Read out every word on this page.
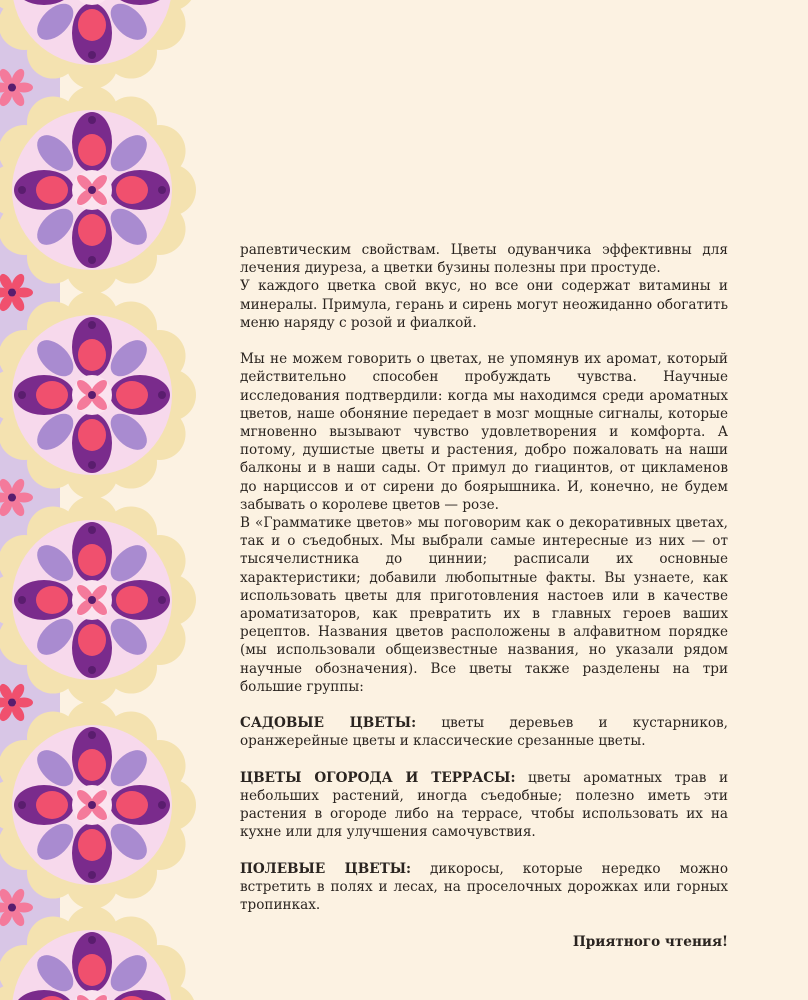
рапевтическим свойствам. Цветы одуванчика эффективны для лечения диуреза, а цветки бузины полезны при простуде.

У каждого цветка свой вкус, но все они содержат витамины и минералы. Примула, герань и сирень могут неожиданно обогатить меню наряду с розой и фиалкой.

Мы не можем говорить о цветах, не упомянув их аромат, который действительно способен пробуждать чувства. Научные исследования подтвердили: когда мы находимся среди ароматных цветов, наше обоняние передает в мозг мощные сигналы, которые мгновенно вызывают чувство удовлетворения и комфорта. А потому, душистые цветы и растения, добро пожаловать на наши балконы и в наши сады. От примул до гиацинтов, от цикламенов до нарциссов и от сирени до боярышника. И, конечно, не будем забывать о королеве цветов — розе.

В «Грамматике цветов» мы поговорим как о декоративных цветах, так и о съедобных. Мы выбрали самые интересные из них — от тысячелистника до циннии; расписали их основные характеристики; добавили любопытные факты. Вы узнаете, как использовать цветы для приготовления настоев или в качестве ароматизаторов, как превратить их в главных героев ваших рецептов. Названия цветов расположены в алфавитном порядке (мы использовали общеизвестные названия, но указали рядом научные обозначения). Все цветы также разделены на три большие группы:

САДОВЫЕ ЦВЕТЫ: цветы деревьев и кустарников, оранжерейные цветы и классические срезанные цветы.

ЦВЕТЫ ОГОРОДА И ТЕРРАСЫ: цветы ароматных трав и небольших растений, иногда съедобные; полезно иметь эти растения в огороде либо на террасе, чтобы использовать их на кухне или для улучшения самочувствия.

ПОЛЕВЫЕ ЦВЕТЫ: дикоросы, которые нередко можно встретить в полях и лесах, на проселочных дорожках или горных тропинках.

Приятного чтения!
